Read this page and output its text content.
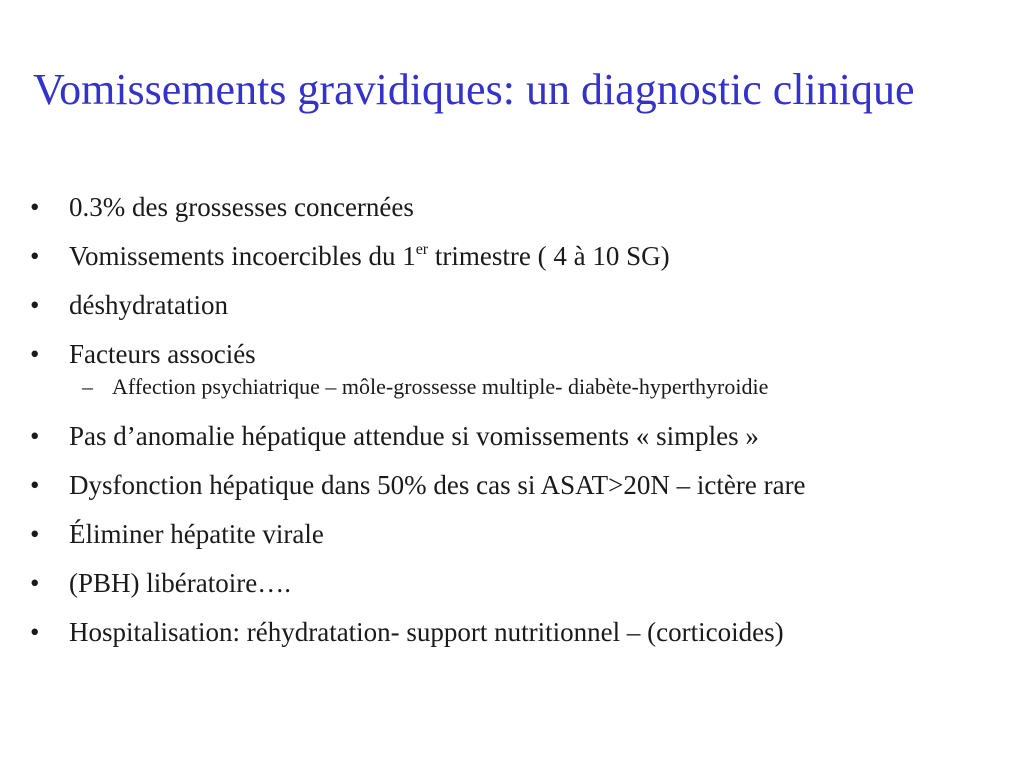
Vomissements gravidiques: un diagnostic clinique
• 0.3% des grossesses concernées
• Vomissements incoercibles du 1er trimestre ( 4 à 10 SG)
• déshydratation
• Facteurs associés
– Affection psychiatrique – môle-grossesse multiple- diabète-hyperthyroidie
• Pas d’anomalie hépatique attendue si vomissements « simples »
• Dysfonction hépatique dans 50% des cas si ASAT>20N – ictère rare
• Éliminer hépatite virale
• (PBH) libératoire….
• Hospitalisation: réhydratation- support nutritionnel – (corticoides)
